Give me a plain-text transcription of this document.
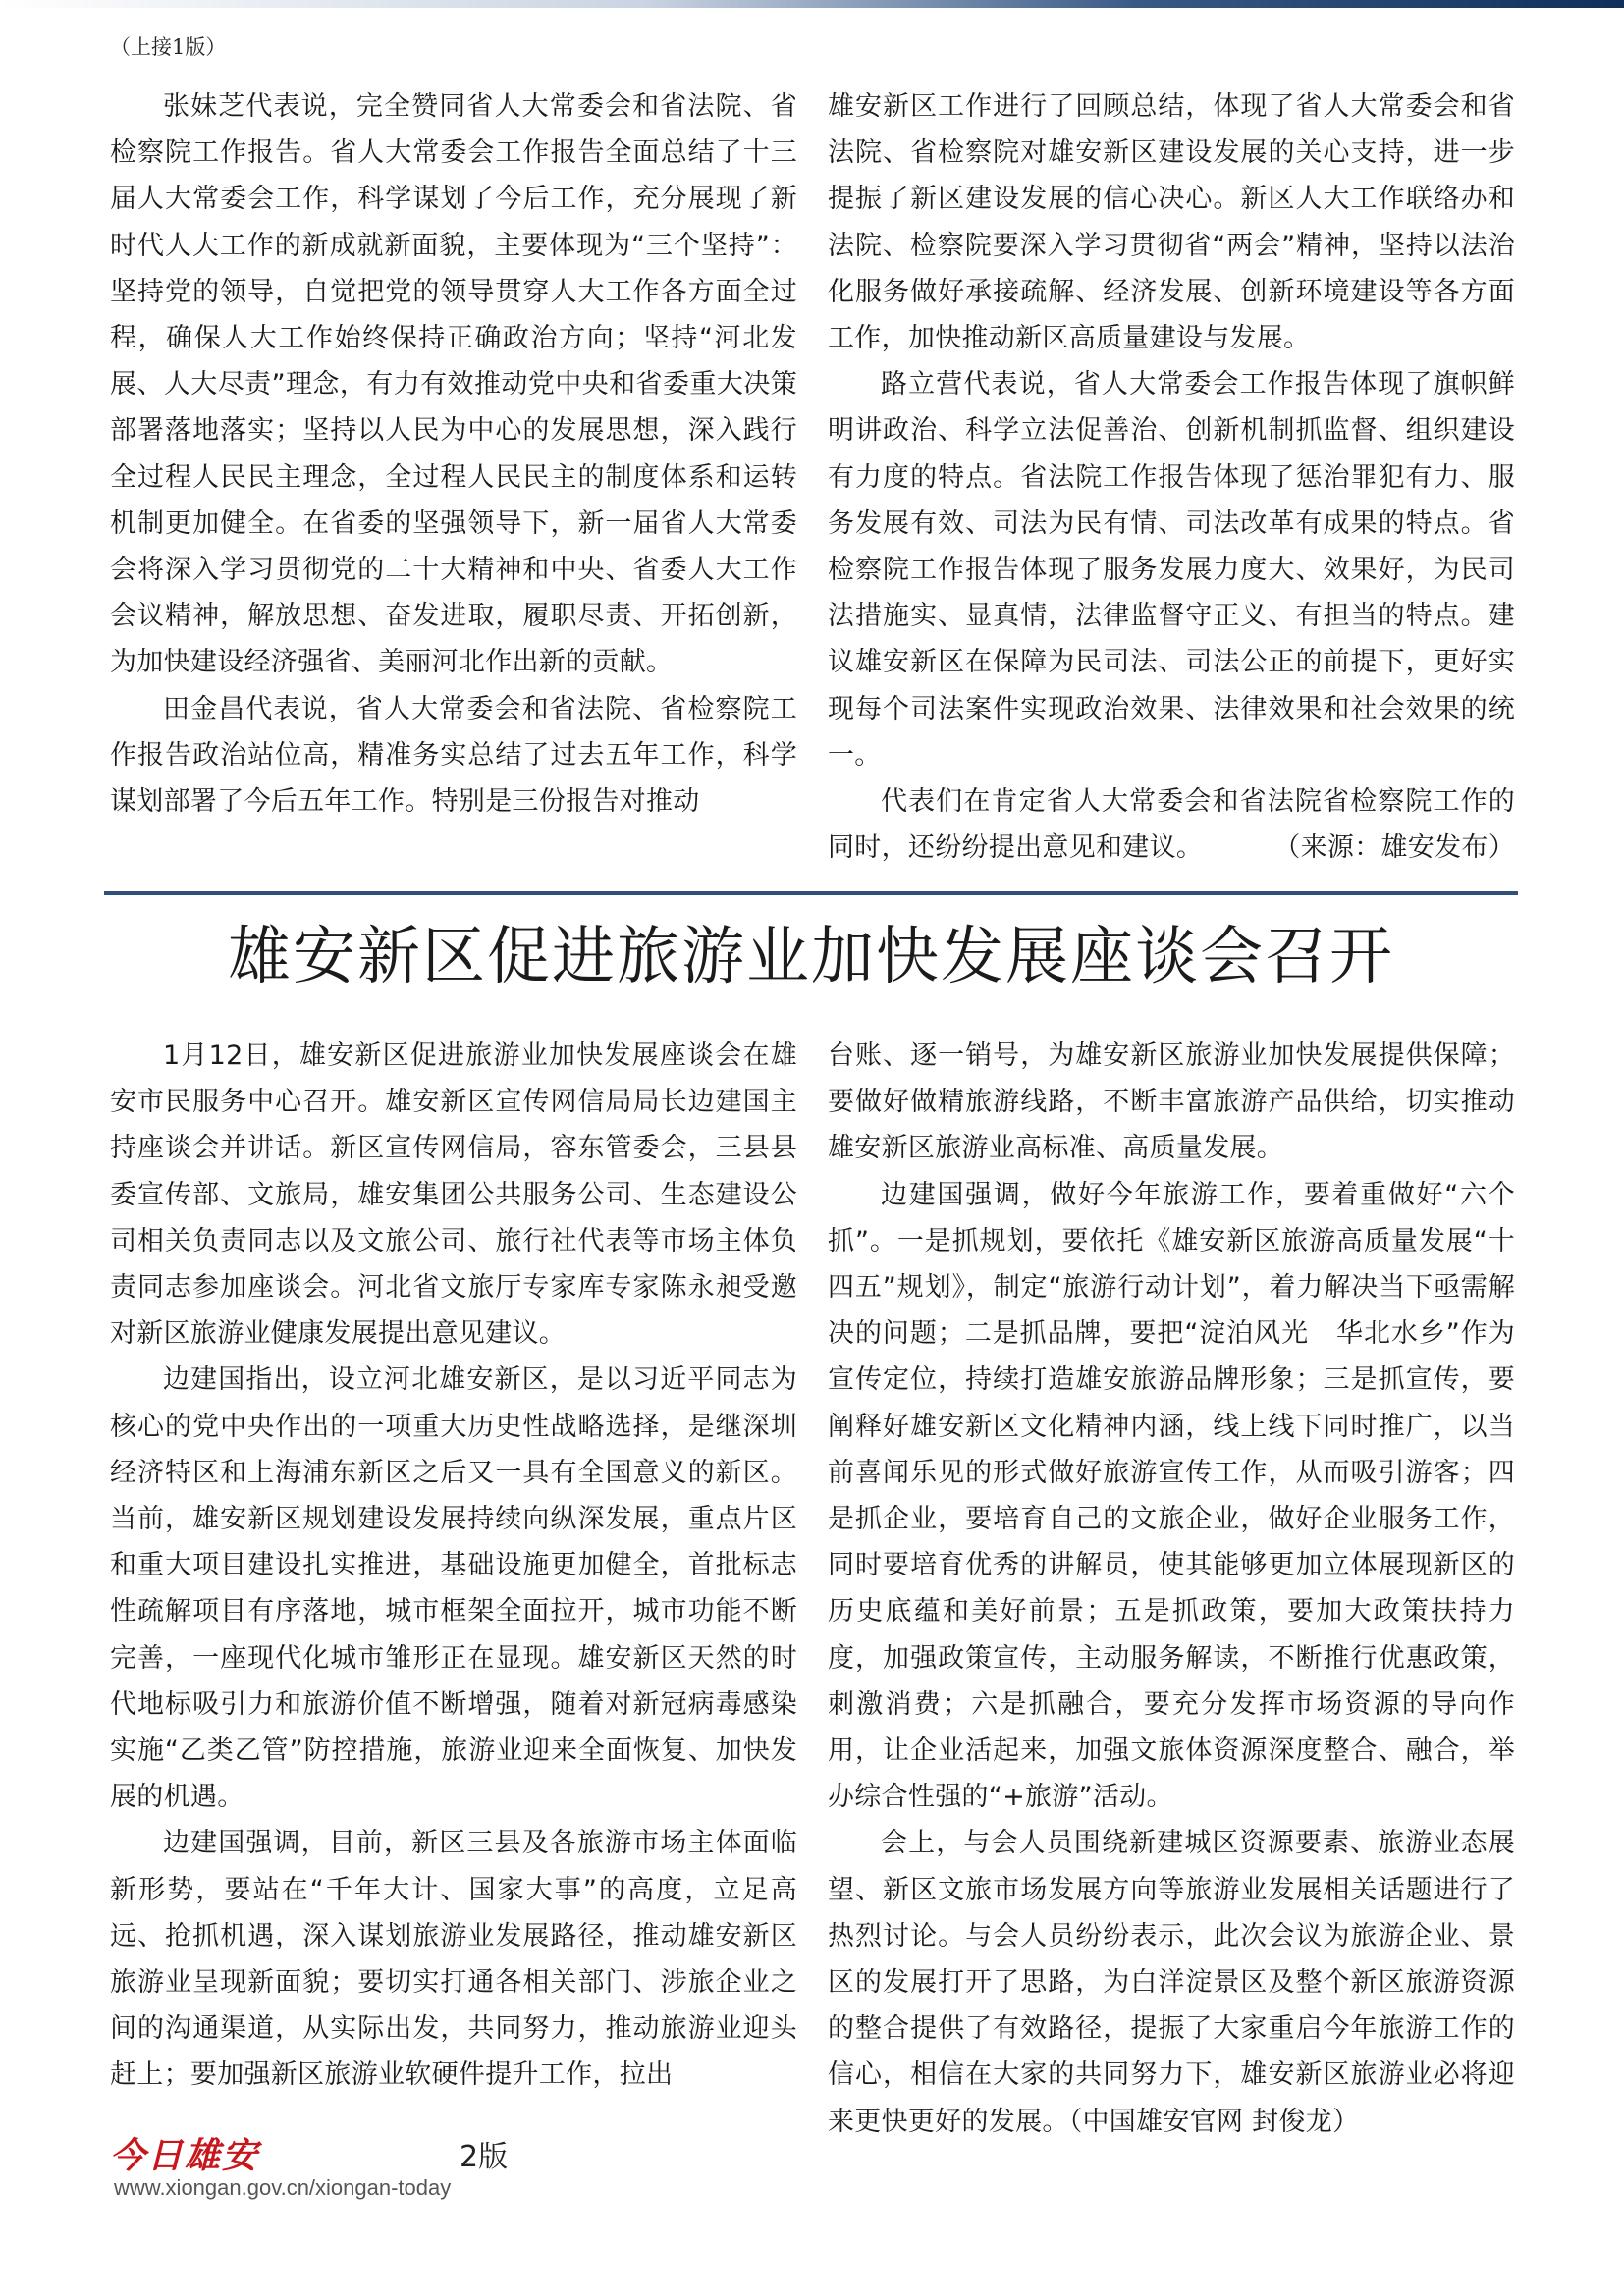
（上接1版）

张妹芝代表说，完全赞同省人大常委会和省法院、省检察院工作报告。省人大常委会工作报告全面总结了十三届人大常委会工作，科学谋划了今后工作，充分展现了新时代人大工作的新成就新面貌，主要体现为“三个坚持”：坚持党的领导，自觉把党的领导贯穿人大工作各方面全过程，确保人大工作始终保持正确政治方向；坚持“河北发展、人大尽责”理念，有力有效推动党中央和省委重大决策部署落地落实；坚持以人民为中心的发展思想，深入践行全过程人民民主理念，全过程人民民主的制度体系和运转机制更加健全。在省委的坚强领导下，新一届省人大常委会将深入学习贯彻党的二十大精神和中央、省委人大工作会议精神，解放思想、奋发进取，履职尽责、开拓创新，为加快建设经济强省、美丽河北作出新的贡献。

田金昌代表说，省人大常委会和省法院、省检察院工作报告政治站位高，精准务实总结了过去五年工作，科学谋划部署了今后五年工作。特别是三份报告对推动

雄安新区工作进行了回顾总结，体现了省人大常委会和省法院、省检察院对雄安新区建设发展的关心支持，进一步提振了新区建设发展的信心决心。新区人大工作联络办和法院、检察院要深入学习贯彻省“两会”精神，坚持以法治化服务做好承接疏解、经济发展、创新环境建设等各方面工作，加快推动新区高质量建设与发展。

路立营代表说，省人大常委会工作报告体现了旗帜鲜明讲政治、科学立法促善治、创新机制抓监督、组织建设有力度的特点。省法院工作报告体现了惩治罪犯有力、服务发展有效、司法为民有情、司法改革有成果的特点。省检察院工作报告体现了服务发展力度大、效果好，为民司法措施实、显真情，法律监督守正义、有担当的特点。建议雄安新区在保障为民司法、司法公正的前提下，更好实现每个司法案件实现政治效果、法律效果和社会效果的统一。

代表们在肯定省人大常委会和省法院省检察院工作的同时，还纷纷提出意见和建议。	（来源：雄安发布）

雄安新区促进旅游业加快发展座谈会召开

1月12日，雄安新区促进旅游业加快发展座谈会在雄安市民服务中心召开。雄安新区宣传网信局局长边建国主持座谈会并讲话。新区宣传网信局，容东管委会，三县县委宣传部、文旅局，雄安集团公共服务公司、生态建设公司相关负责同志以及文旅公司、旅行社代表等市场主体负责同志参加座谈会。河北省文旅厅专家库专家陈永昶受邀对新区旅游业健康发展提出意见建议。

边建国指出，设立河北雄安新区，是以习近平同志为核心的党中央作出的一项重大历史性战略选择，是继深圳经济特区和上海浦东新区之后又一具有全国意义的新区。当前，雄安新区规划建设发展持续向纵深发展，重点片区和重大项目建设扎实推进，基础设施更加健全，首批标志性疏解项目有序落地，城市框架全面拉开，城市功能不断完善，一座现代化城市雏形正在显现。雄安新区天然的时代地标吸引力和旅游价值不断增强，随着对新冠病毒感染实施“乙类乙管”防控措施，旅游业迎来全面恢复、加快发展的机遇。

边建国强调，目前，新区三县及各旅游市场主体面临新形势，要站在“千年大计、国家大事”的高度，立足高远、抢抓机遇，深入谋划旅游业发展路径，推动雄安新区旅游业呈现新面貌；要切实打通各相关部门、涉旅企业之间的沟通渠道，从实际出发，共同努力，推动旅游业迎头赶上；要加强新区旅游业软硬件提升工作，拉出

台账、逐一销号，为雄安新区旅游业加快发展提供保障；要做好做精旅游线路，不断丰富旅游产品供给，切实推动雄安新区旅游业高标准、高质量发展。

边建国强调，做好今年旅游工作，要着重做好“六个抓”。一是抓规划，要依托《雄安新区旅游高质量发展“十四五”规划》，制定“旅游行动计划”，着力解决当下亟需解决的问题；二是抓品牌，要把“淀泊风光　华北水乡”作为宣传定位，持续打造雄安旅游品牌形象；三是抓宣传，要阐释好雄安新区文化精神内涵，线上线下同时推广，以当前喜闻乐见的形式做好旅游宣传工作，从而吸引游客；四是抓企业，要培育自己的文旅企业，做好企业服务工作，同时要培育优秀的讲解员，使其能够更加立体展现新区的历史底蕴和美好前景；五是抓政策，要加大政策扶持力度，加强政策宣传，主动服务解读，不断推行优惠政策，刺激消费；六是抓融合，要充分发挥市场资源的导向作用，让企业活起来，加强文旅体资源深度整合、融合，举办综合性强的“+旅游”活动。

会上，与会人员围绕新建城区资源要素、旅游业态展望、新区文旅市场发展方向等旅游业发展相关话题进行了热烈讨论。与会人员纷纷表示，此次会议为旅游企业、景区的发展打开了思路，为白洋淀景区及整个新区旅游资源的整合提供了有效路径，提振了大家重启今年旅游工作的信心，相信在大家的共同努力下，雄安新区旅游业必将迎来更快更好的发展。（中国雄安官网 封俊龙）

今日雄安	2版
www.xiongan.gov.cn/xiongan-today
